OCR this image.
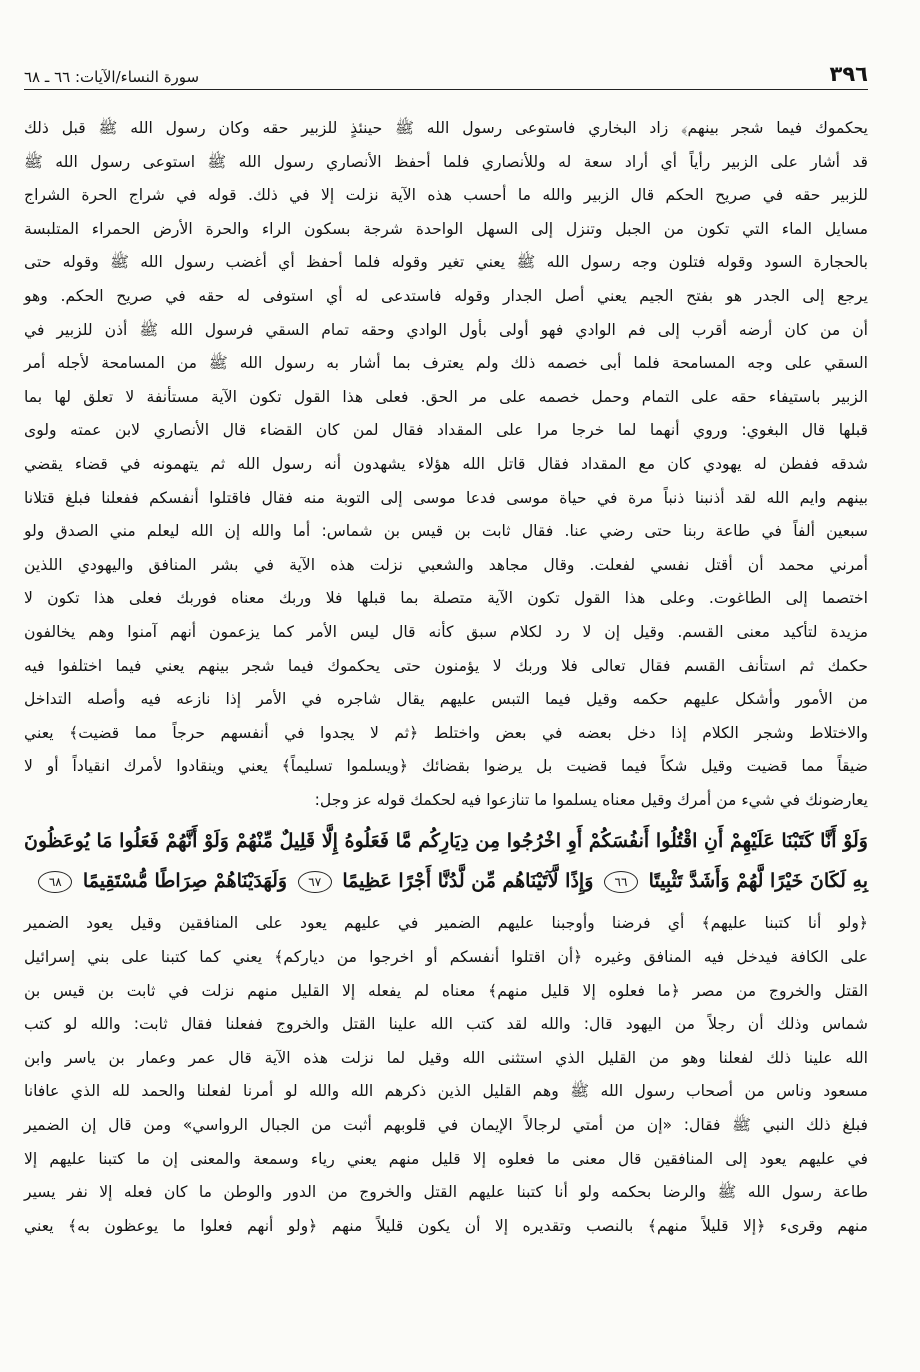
٣٩٦
سورة النساء/الآيات: ٦٦ ـ ٦٨

يحكموك فيما شجر بينهم﴾ زاد البخاري فاستوعى رسول الله ﷺ حينئذٍ للزبير حقه وكان رسول الله ﷺ قبل ذلك

قد أشار على الزبير رأياً أي أراد سعة له وللأنصاري فلما أحفظ الأنصاري رسول الله ﷺ استوعى رسول الله ﷺ

للزبير حقه في صريح الحكم قال الزبير والله ما أحسب هذه الآية نزلت إلا في ذلك. قوله في شراج الحرة الشراج

مسايل الماء التي تكون من الجبل وتنزل إلى السهل الواحدة شرجة بسكون الراء والحرة الأرض الحمراء المتلبسة

بالحجارة السود وقوله فتلون وجه رسول الله ﷺ يعني تغير وقوله فلما أحفظ أي أغضب رسول الله ﷺ وقوله حتى

يرجع إلى الجدر هو بفتح الجيم يعني أصل الجدار وقوله فاستدعى له أي استوفى له حقه في صريح الحكم. وهو

أن من كان أرضه أقرب إلى فم الوادي فهو أولى بأول الوادي وحقه تمام السقي فرسول الله ﷺ أذن للزبير في

السقي على وجه المسامحة فلما أبى خصمه ذلك ولم يعترف بما أشار به رسول الله ﷺ من المسامحة لأجله أمر

الزبير باستيفاء حقه على التمام وحمل خصمه على مر الحق. فعلى هذا القول تكون الآية مستأنفة لا تعلق لها بما

قبلها قال البغوي: وروي أنهما لما خرجا مرا على المقداد فقال لمن كان القضاء قال الأنصاري لابن عمته ولوى

شدقه ففطن له يهودي كان مع المقداد فقال قاتل الله هؤلاء يشهدون أنه رسول الله ثم يتهمونه في قضاء يقضي

بينهم وايم الله لقد أذنبنا ذنباً مرة في حياة موسى فدعا موسى إلى التوبة منه فقال فاقتلوا أنفسكم ففعلنا فبلغ قتلانا

سبعين ألفاً في طاعة ربنا حتى رضي عنا. فقال ثابت بن قيس بن شماس: أما والله إن الله ليعلم مني الصدق ولو

أمرني محمد أن أقتل نفسي لفعلت. وقال مجاهد والشعبي نزلت هذه الآية في بشر المنافق واليهودي اللذين

اختصما إلى الطاغوت. وعلى هذا القول تكون الآية متصلة بما قبلها فلا وربك معناه فوربك فعلى هذا تكون لا

مزيدة لتأكيد معنى القسم. وقيل إن لا رد لكلام سبق كأنه قال ليس الأمر كما يزعمون أنهم آمنوا وهم يخالفون

حكمك ثم استأنف القسم فقال تعالى فلا وربك لا يؤمنون حتى يحكموك فيما شجر بينهم يعني فيما اختلفوا فيه

من الأمور وأشكل عليهم حكمه وقيل فيما التبس عليهم يقال شاجره في الأمر إذا نازعه فيه وأصله التداخل

والاختلاط وشجر الكلام إذا دخل بعضه في بعض واختلط ﴿ثم لا يجدوا في أنفسهم حرجاً مما قضيت﴾ يعني

ضيقاً مما قضيت وقيل شكاً فيما قضيت بل يرضوا بقضائك ﴿ويسلموا تسليماً﴾ يعني وينقادوا لأمرك انقياداً أو لا

يعارضونك في شيء من أمرك وقيل معناه يسلموا ما تنازعوا فيه لحكمك قوله عز وجل:

وَلَوْ أَنَّا كَتَبْنَا عَلَيْهِمْ أَنِ اقْتُلُوا أَنفُسَكُمْ أَوِ اخْرُجُوا مِن دِيَارِكُم مَّا فَعَلُوهُ إِلَّا قَلِيلٌ مِّنْهُمْ وَلَوْ أَنَّهُمْ فَعَلُوا مَا يُوعَظُونَ بِهِ لَكَانَ خَيْرًا لَّهُمْ وَأَشَدَّ تَثْبِيتًا ٦٦ وَإِذًا لَّآتَيْنَاهُم مِّن لَّدُنَّا أَجْرًا عَظِيمًا ٦٧ وَلَهَدَيْنَاهُمْ صِرَاطًا مُّسْتَقِيمًا ٦٨

﴿ولو أنا كتبنا عليهم﴾ أي فرضنا وأوجبنا عليهم الضمير في عليهم يعود على المنافقين وقيل يعود الضمير

على الكافة فيدخل فيه المنافق وغيره ﴿أن اقتلوا أنفسكم أو اخرجوا من دياركم﴾ يعني كما كتبنا على بني إسرائيل

القتل والخروج من مصر ﴿ما فعلوه إلا قليل منهم﴾ معناه لم يفعله إلا القليل منهم نزلت في ثابت بن قيس بن

شماس وذلك أن رجلاً من اليهود قال: والله لقد كتب الله علينا القتل والخروج ففعلنا فقال ثابت: والله لو كتب

الله علينا ذلك لفعلنا وهو من القليل الذي استثنى الله وقيل لما نزلت هذه الآية قال عمر وعمار بن ياسر وابن

مسعود وناس من أصحاب رسول الله ﷺ وهم القليل الذين ذكرهم الله والله لو أمرنا لفعلنا والحمد لله الذي عافانا

فبلغ ذلك النبي ﷺ فقال: «إن من أمتي لرجالاً الإيمان في قلوبهم أثبت من الجبال الرواسي» ومن قال إن الضمير

في عليهم يعود إلى المنافقين قال معنى ما فعلوه إلا قليل منهم يعني رياء وسمعة والمعنى إن ما كتبنا عليهم إلا

طاعة رسول الله ﷺ والرضا بحكمه ولو أنا كتبنا عليهم القتل والخروج من الدور والوطن ما كان فعله إلا نفر يسير

منهم وقرىء ﴿إلا قليلاً منهم﴾ بالنصب وتقديره إلا أن يكون قليلاً منهم ﴿ولو أنهم فعلوا ما يوعظون به﴾ يعني
